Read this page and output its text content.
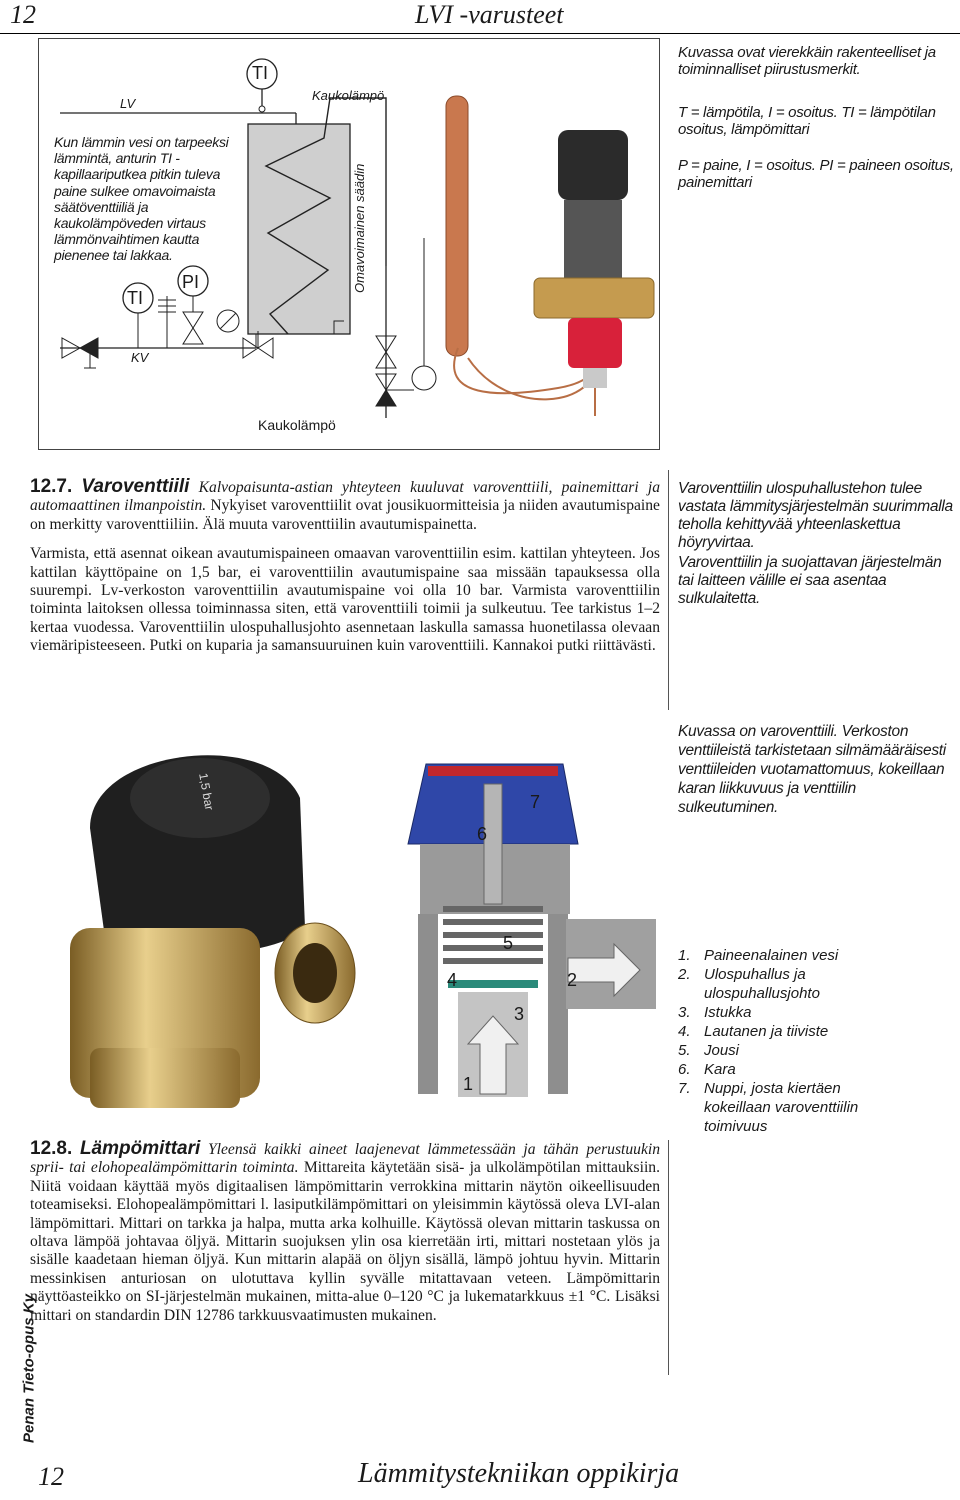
12	LVI -varusteet
LV
Kaukolämpö
TI
TI
PI
KV
Omavoimainen säädin
Kaukolämpö
Kun lämmin vesi on tarpeeksi lämmintä, anturin TI -kapillaariputkea pitkin tuleva paine sulkee omavoimaista säätöventtiiliä ja kaukolämpöveden virtaus lämmönvaihtimen kautta pienenee tai lakkaa.
Kuvassa ovat vierekkäin rakenteelliset ja toiminnalliset piirustusmerkit.
T = lämpötila, I = osoitus. TI = lämpötilan osoitus, lämpömittari
P = paine, I = osoitus. PI = paineen osoitus, painemittari

12.7. Varoventtiili Kalvopaisunta-astian yhteyteen kuuluvat varoventtiili, painemittari ja automaattinen ilmanpoistin. Nykyiset varoventtiilit ovat jousikuormitteisia ja niiden avautumispaine on merkitty varoventtiiliin. Älä muuta varoventtiilin avautumispainetta.

Varmista, että asennat oikean avautumispaineen omaavan varoventtiilin esim. kattilan yhteyteen. Jos kattilan käyttöpaine on 1,5 bar, ei varoventtiilin avautumispaine saa missään tapauksessa olla suurempi. Lv-verkoston varoventtiilin avautumispaine voi olla 10 bar. Varmista varoventtiilin toiminta laitoksen ollessa toiminnassa siten, että varoventtiili toimii ja sulkeutuu. Tee tarkistus 1–2 kertaa vuodessa. Varoventtiilin ulospuhallusjohto asennetaan laskulla samassa huonetilassa olevaan viemäripisteeseen. Putki on kuparia ja samansuuruinen kuin varoventtiili. Kannakoi putki riittävästi.

Varoventtiilin ulospuhallustehon tulee vastata lämmitysjärjestelmän suurimmalla teholla kehittyvää yhteenlaskettua höyryvirtaa.
Varoventtiilin ja suojattavan järjestelmän tai laitteen välille ei saa asentaa sulkulaitetta.
1,5 bar
6
7
5
4	2
3
1
Kuvassa on varoventtiili. Verkoston venttiileistä tarkistetaan silmämääräisesti venttiileiden vuotamattomuus, kokeillaan karan liikkuvuus ja venttiilin sulkeutuminen.
1. Paineenalainen vesi
2. Ulospuhallus ja ulospuhallusjohto
3. Istukka
4. Lautanen ja tiiviste
5. Jousi
6. Kara
7. Nuppi, josta kiertäen kokeillaan varoventtiilin toimivuus

12.8. Lämpömittari Yleensä kaikki aineet laajenevat lämmetessään ja tähän perustuukin sprii- tai elohopealämpömittarin toiminta. Mittareita käytetään sisä- ja ulkolämpötilan mittauksiin. Niitä voidaan käyttää myös digitaalisen lämpömittarin verrokkina mittarin näytön oikeellisuuden toteamiseksi. Elohopealämpömittari l. lasiputkilämpömittari on yleisimmin käytössä oleva LVI-alan lämpömittari. Mittari on tarkka ja halpa, mutta arka kolhuille. Käytössä olevan mittarin taskussa on oltava lämpöä johtavaa öljyä. Mittarin suojuksen ylin osa kierretään irti, mittari nostetaan ylös ja sisälle kaadetaan hieman öljyä. Kun mittarin alapää on öljyn sisällä, lämpö johtuu hyvin. Mittarin messinkisen anturiosan on ulotuttava kyllin syvälle mitattavaan veteen. Lämpömittarin näyttöasteikko on SI-järjestelmän mukainen, mitta-alue 0–120 °C ja lukematarkkuus ±1 °C. Lisäksi mittari on standardin DIN 12786 tarkkuusvaatimusten mukainen.

Penan Tieto-opus Ky
12	Lämmitystekniikan oppikirja
